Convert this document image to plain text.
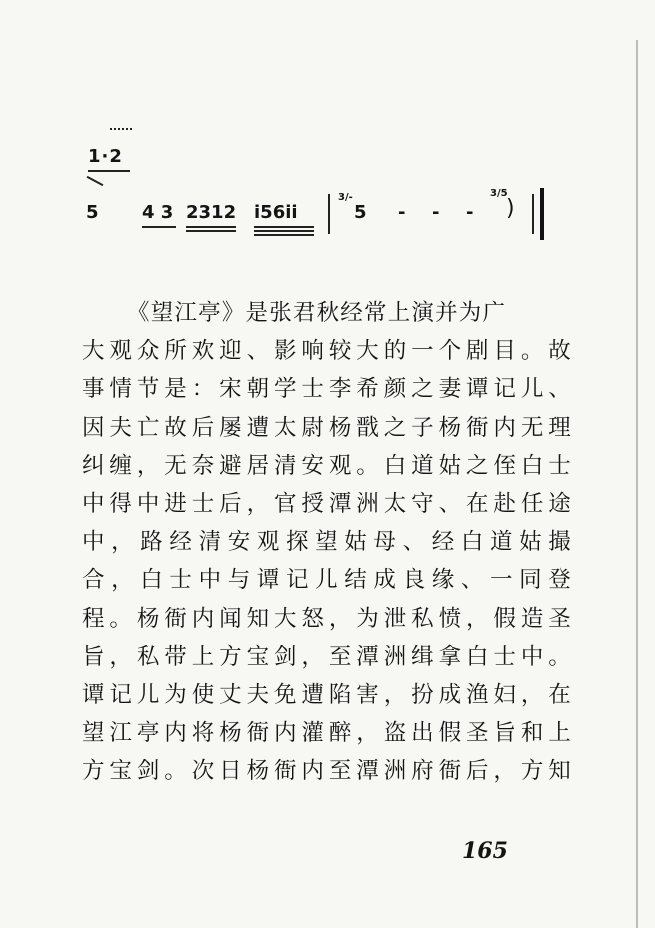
1·2
5 4 3 2312 i56ii
3/-
5 - - -
3/5
)

《望江亭》是张君秋经常上演并为广
大观众所欢迎、影响较大的一个剧目。故
事情节是：宋朝学士李希颜之妻谭记儿、
因夫亡故后屡遭太尉杨戬之子杨衙内无理
纠缠，无奈避居清安观。白道姑之侄白士
中得中进士后，官授潭洲太守、在赴任途
中，路经清安观探望姑母、经白道姑撮
合，白士中与谭记儿结成良缘、一同登
程。杨衙内闻知大怒，为泄私愤，假造圣
旨，私带上方宝剑，至潭洲缉拿白士中。
谭记儿为使丈夫免遭陷害，扮成渔妇，在
望江亭内将杨衙内灌醉，盗出假圣旨和上
方宝剑。次日杨衙内至潭洲府衙后，方知

165
